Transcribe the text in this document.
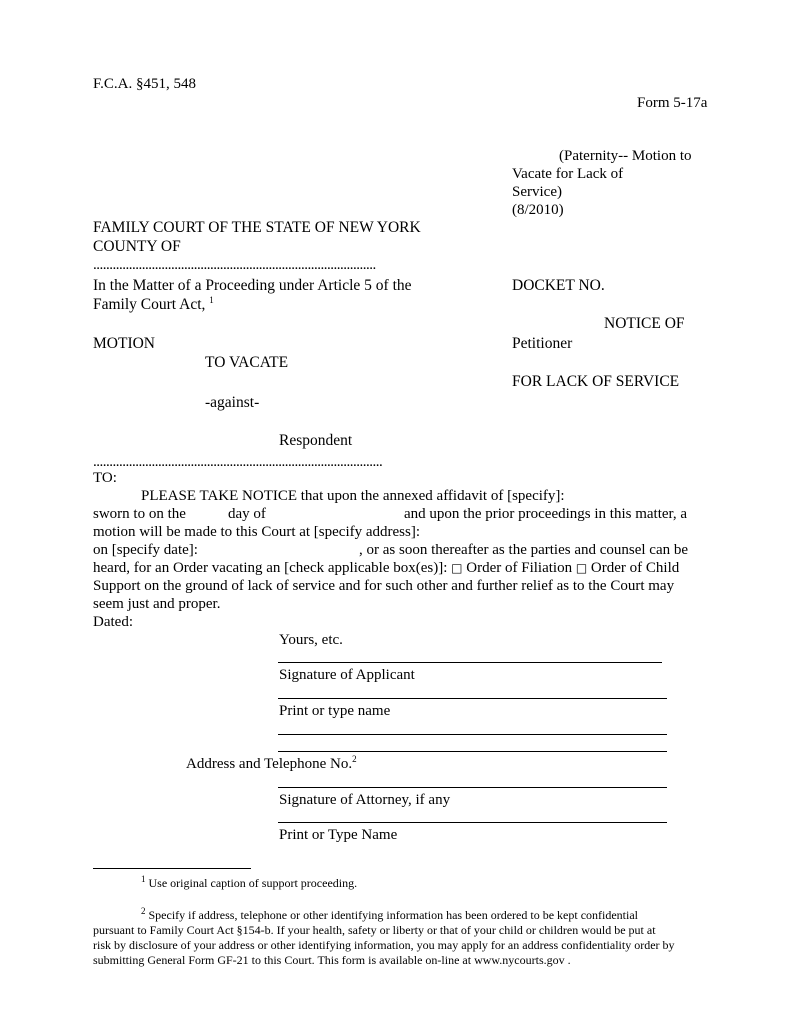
F.C.A. §451, 548
Form 5-17a
(Paternity-- Motion to
Vacate for Lack of
Service)
(8/2010)
FAMILY COURT OF THE STATE OF NEW YORK
COUNTY OF
.......................................................................................
In the Matter of a Proceeding under Article 5 of the
Family Court Act, $^1$
DOCKET NO.
NOTICE OF
MOTION	Petitioner
TO VACATE
FOR LACK OF SERVICE
-against-
Respondent
.........................................................................................
TO:
PLEASE TAKE NOTICE that upon the annexed affidavit of [specify]:
sworn to on the	day of	and upon the prior proceedings in this matter, a
motion will be made to this Court at [specify address]:
on [specify date]:	, or as soon thereafter as the parties and counsel can be
heard, for an Order vacating an [check applicable box(es)]: □ Order of Filiation □ Order of Child
Support on the ground of lack of service and for such other and further relief as to the Court may
seem just and proper.
Dated:
Yours, etc.
Signature of Applicant
Print or type name
Address and Telephone No.$^2$
Signature of Attorney, if any
Print or Type Name
$^1$ Use original caption of support proceeding.
$^2$ Specify if address, telephone or other identifying information has been ordered to be kept confidential
pursuant to Family Court Act §154-b. If your health, safety or liberty or that of your child or children would be put at
risk by disclosure of your address or other identifying information, you may apply for an address confidentiality order by
submitting General Form GF-21 to this Court. This form is available on-line at www.nycourts.gov .
